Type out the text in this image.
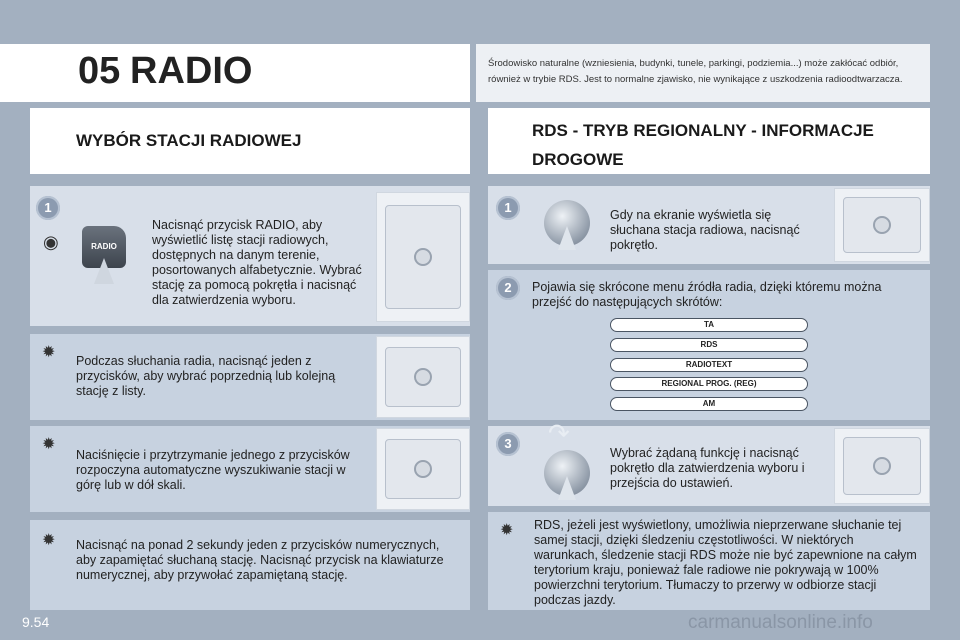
05 RADIO	Środowisko naturalne (wzniesienia, budynki, tunele, parkingi, podziemia...) może zakłócać odbiór, również w trybie RDS. Jest to normalne zjawisko, nie wynikające z uszkodzenia radioodtwarzacza.
WYBÓR STACJI RADIOWEJ
RDS - TRYB REGIONALNY - INFORMACJE DROGOWE
1
◉	RADIO
Nacisnąć przycisk RADIO, aby wyświetlić listę stacji radiowych, dostępnych na danym terenie, posortowanych alfabetycznie. Wybrać stację za pomocą pokrętła i nacisnąć dla zatwierdzenia wyboru.
✹ Podczas słuchania radia, nacisnąć jeden z przycisków, aby wybrać poprzednią lub kolejną stację z listy.
✹
Naciśnięcie i przytrzymanie jednego z przycisków rozpoczyna automatyczne wyszukiwanie stacji w górę lub w dół skali.
✹ Nacisnąć na ponad 2 sekundy jeden z przycisków numerycznych, aby zapamiętać słuchaną stację. Nacisnąć przycisk na klawiaturze numerycznej, aby przywołać zapamiętaną stację.
1	Gdy na ekranie wyświetla się słuchana stacja radiowa, nacisnąć pokrętło.
2	Pojawia się skrócone menu źródła radia, dzięki któremu można przejść do następujących skrótów:
TA
RDS
RADIOTEXT
REGIONAL PROG. (REG)
AM
3	↷
Wybrać żądaną funkcję i nacisnąć pokrętło dla zatwierdzenia wyboru i przejścia do ustawień.
✹ RDS, jeżeli jest wyświetlony, umożliwia nieprzerwane słuchanie tej samej stacji, dzięki śledzeniu częstotliwości. W niektórych warunkach, śledzenie stacji RDS może nie być zapewnione na całym terytorium kraju, ponieważ fale radiowe nie pokrywają w 100% powierzchni terytorium. Tłumaczy to przerwy w odbiorze stacji podczas jazdy.
9.54	carmanualsonline.info
